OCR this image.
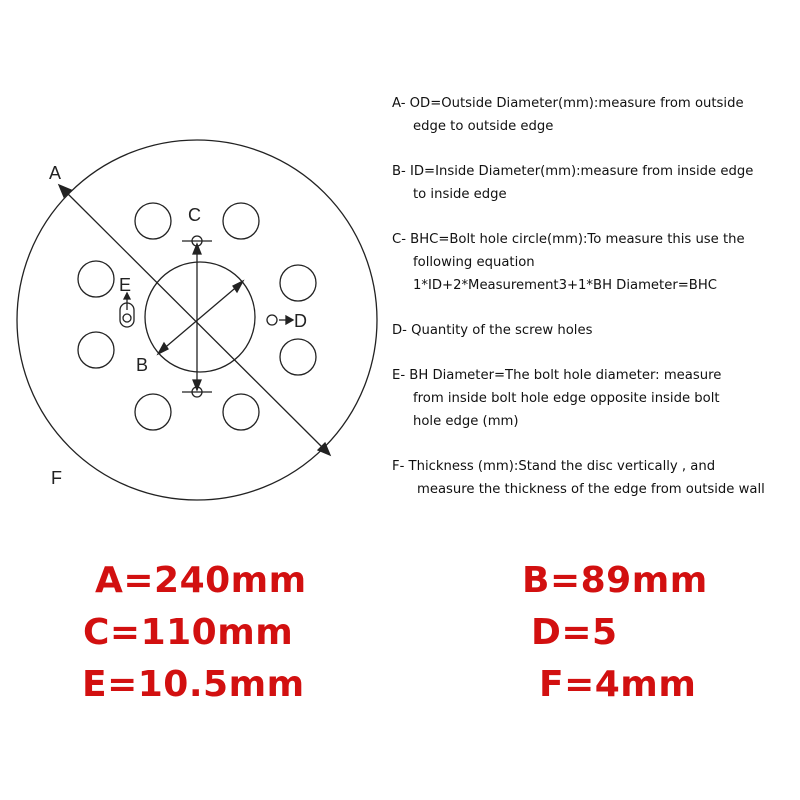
A
C
E
D
B
F
A- OD=Outside Diameter(mm):measure from outside
edge to outside edge
B- ID=Inside Diameter(mm):measure from inside edge
to inside edge
C- BHC=Bolt hole circle(mm):To measure this use the
following equation
1*ID+2*Measurement3+1*BH Diameter=BHC
D- Quantity of the screw holes
E- BH Diameter=The bolt hole diameter: measure
from inside bolt hole edge opposite inside bolt
hole edge (mm)
F- Thickness (mm):Stand the disc vertically , and
measure the thickness of the edge from outside wall
A=240mm	B=89mm
C=110mm	D=5
E=10.5mm	F=4mm
